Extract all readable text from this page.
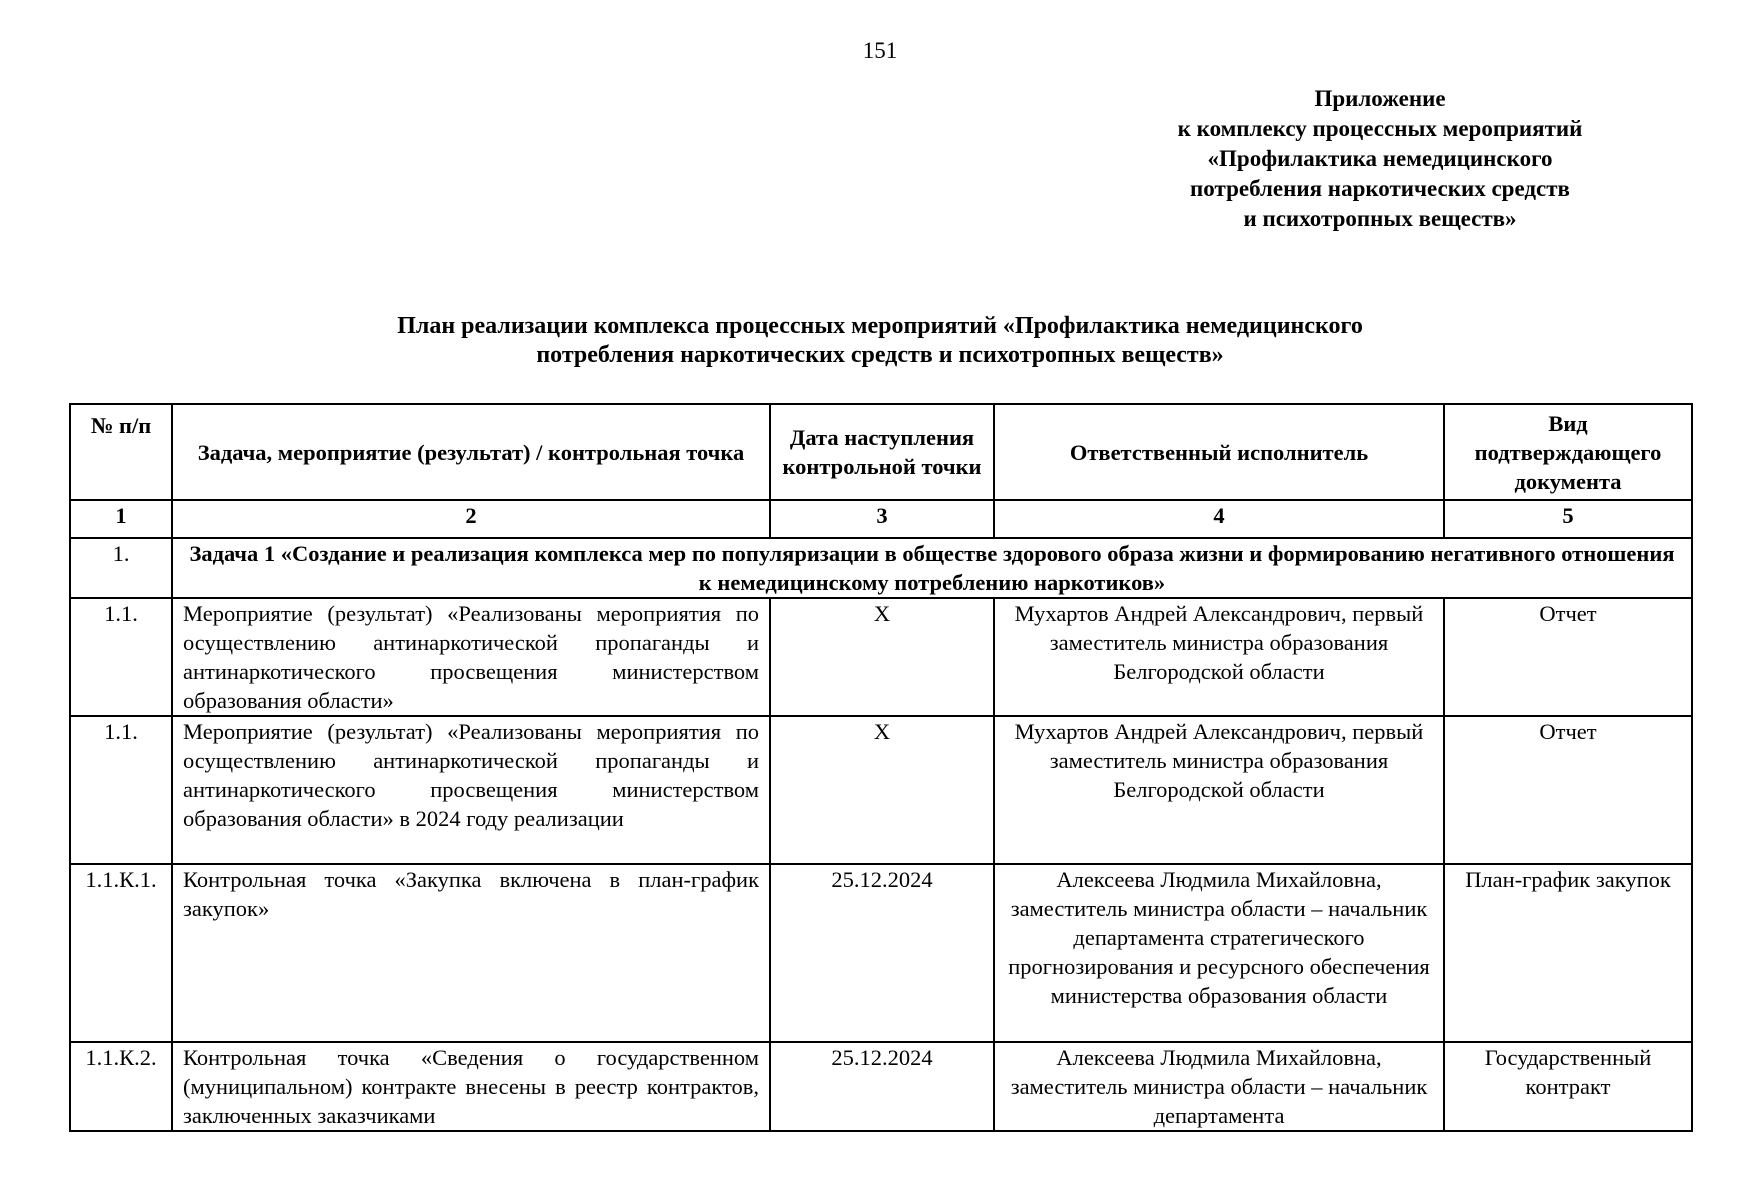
151
Приложение
к комплексу процессных мероприятий
«Профилактика немедицинского
потребления наркотических средств
и психотропных веществ»
План реализации комплекса процессных мероприятий «Профилактика немедицинского
потребления наркотических средств и психотропных веществ»
№ п/п	Задача, мероприятие (результат) / контрольная точка	Дата наступления контрольной точки	Ответственный исполнитель	Вид подтверждающего документа
1	2	3	4	5
1.	Задача 1 «Создание и реализация комплекса мер по популяризации в обществе здорового образа жизни и формированию негативного отношения к немедицинскому потреблению наркотиков»			
1.1.	Мероприятие (результат) «Реализованы мероприятия по осуществлению антинаркотической пропаганды и антинаркотического просвещения министерством образования области»	Х	Мухартов Андрей Александрович, первый заместитель министра образования Белгородской области	Отчет
1.1.	Мероприятие (результат) «Реализованы мероприятия по осуществлению антинаркотической пропаганды и антинаркотического просвещения министерством образования области» в 2024 году реализации	Х	Мухартов Андрей Александрович, первый заместитель министра образования Белгородской области	Отчет
1.1.К.1.	Контрольная точка «Закупка включена в план-график закупок»	25.12.2024	Алексеева Людмила Михайловна, заместитель министра области – начальник департамента стратегического прогнозирования и ресурсного обеспечения министерства образования области	План-график закупок
1.1.К.2.	Контрольная точка «Сведения о государственном (муниципальном) контракте внесены в реестр контрактов, заключенных заказчиками	25.12.2024	Алексеева Людмила Михайловна, заместитель министра области – начальник департамента	Государственный контракт
